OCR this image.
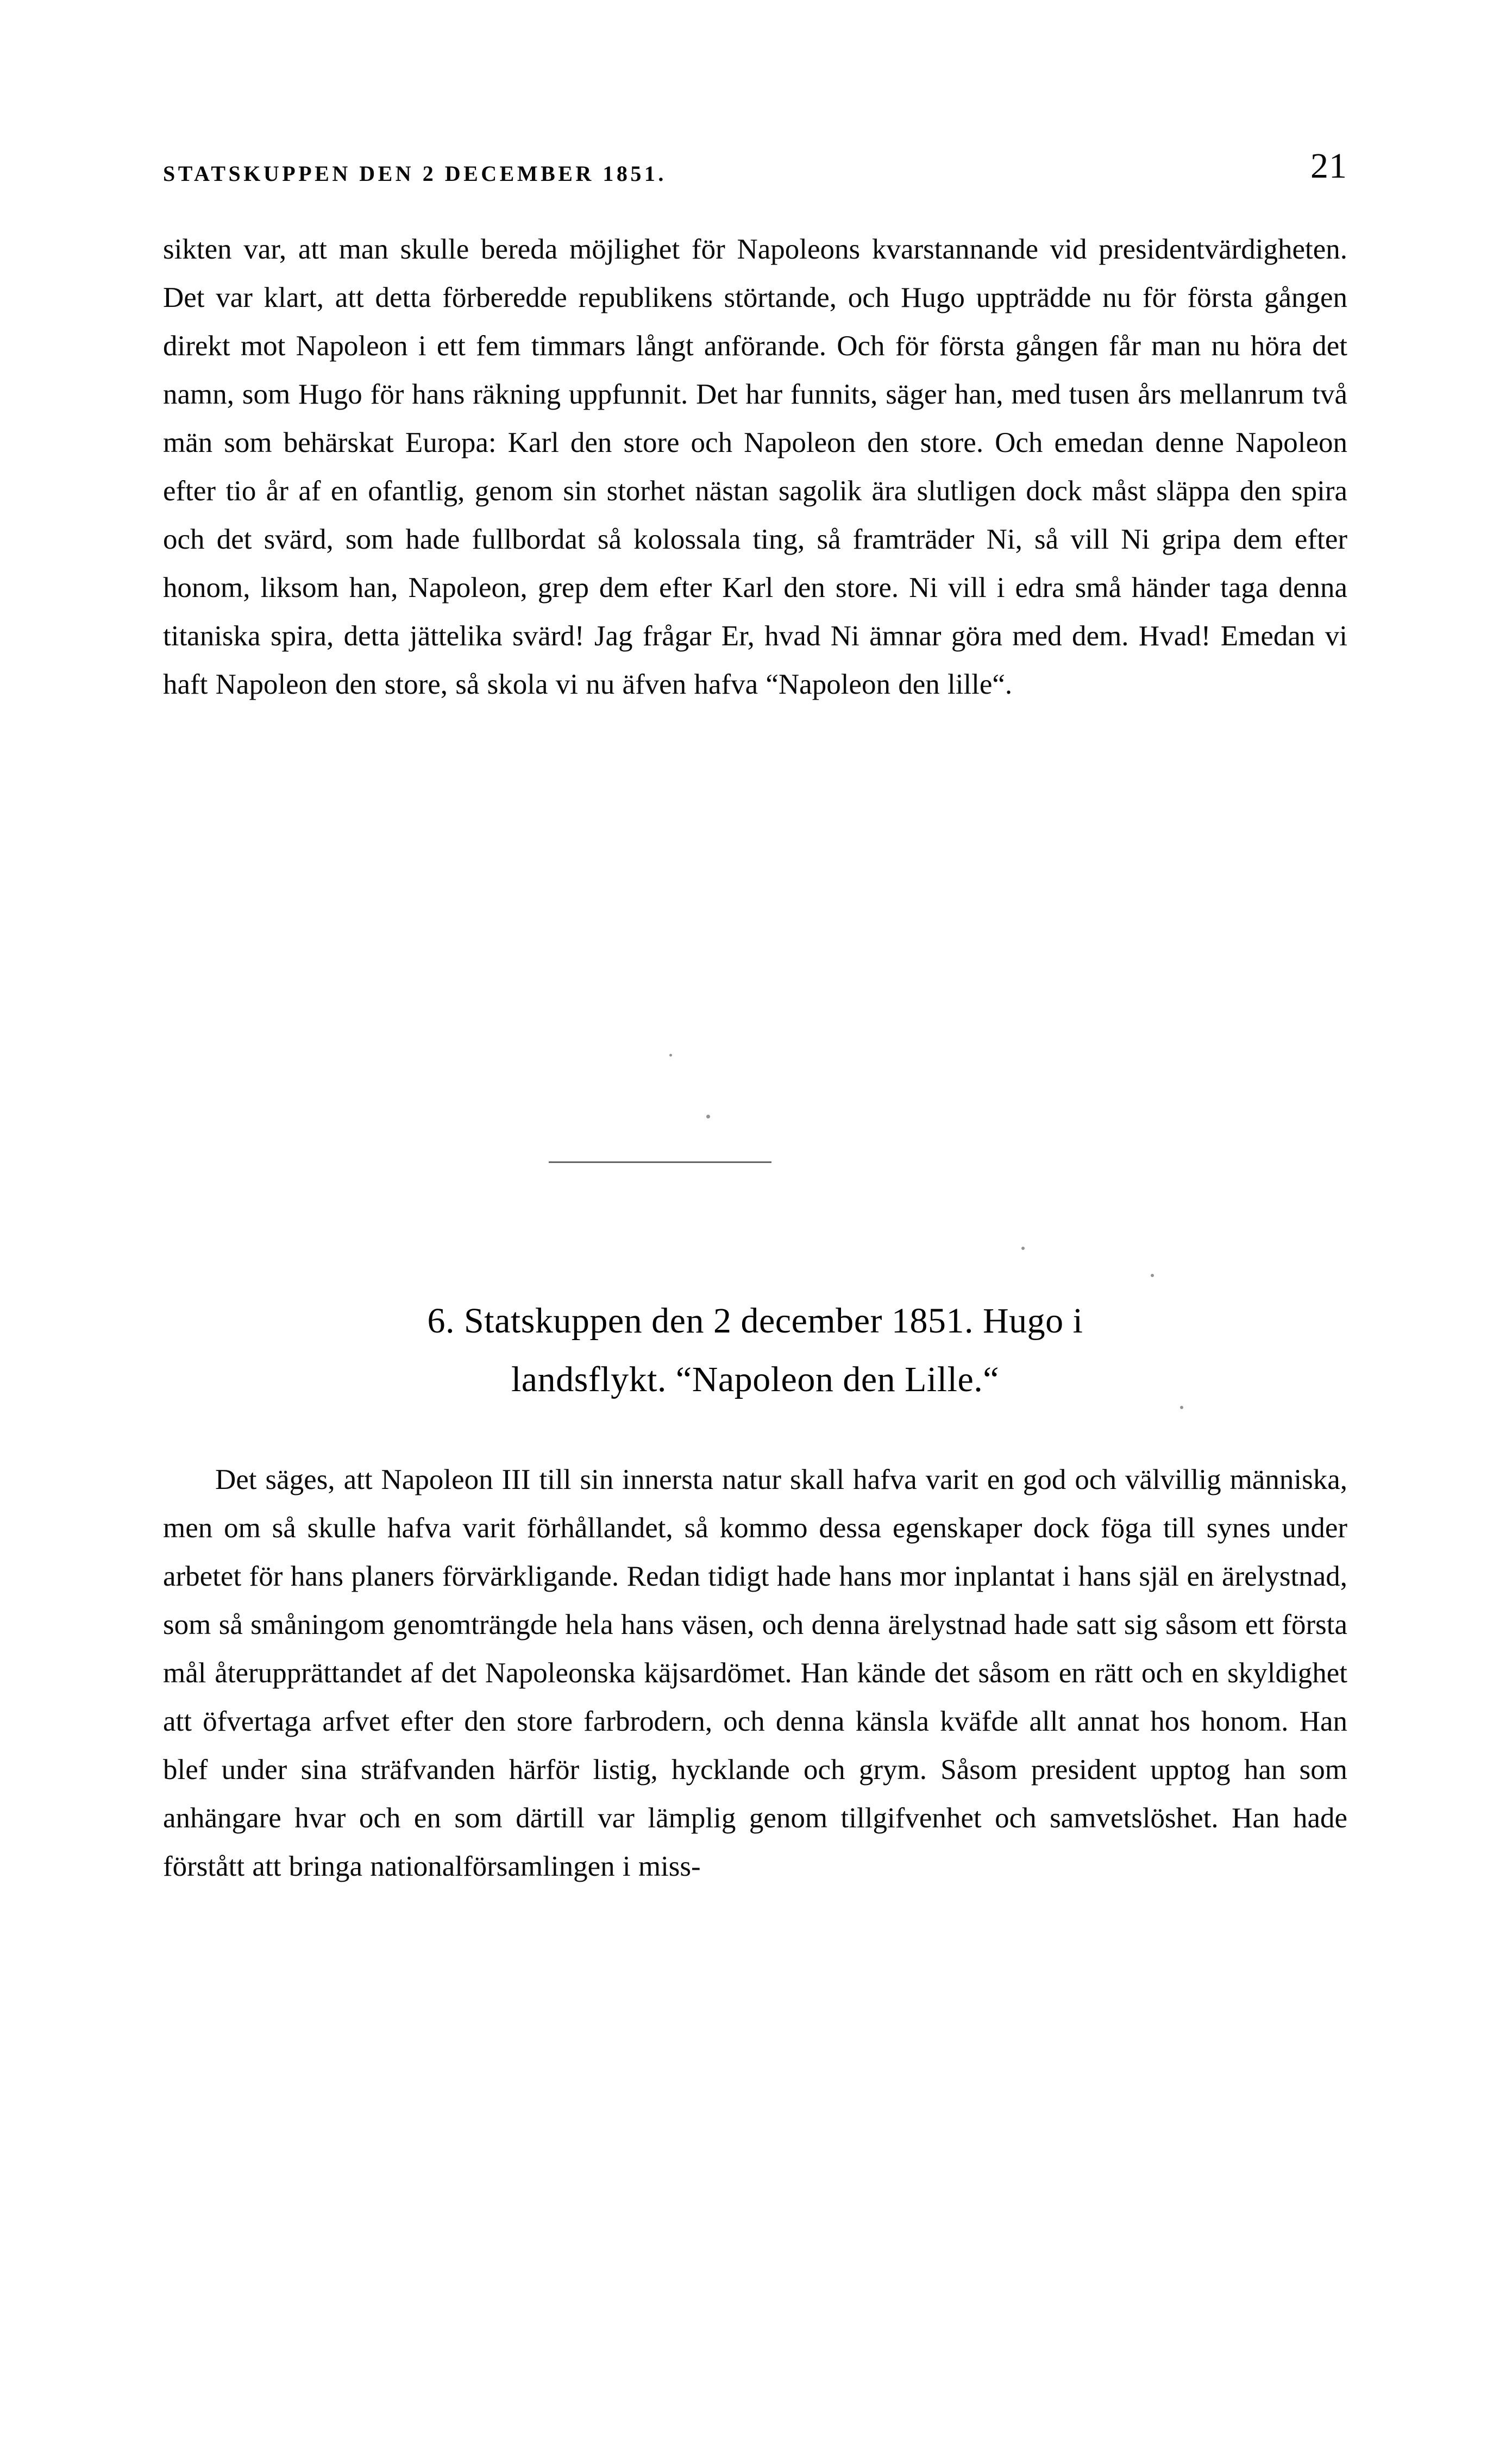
STATSKUPPEN DEN 2 DECEMBER 1851.	21

sikten var, att man skulle bereda möjlighet för Napoleons kvarstannande vid presidentvärdigheten. Det var klart, att detta förberedde republikens störtande, och Hugo uppträdde nu för första gången direkt mot Napoleon i ett fem timmars långt anförande. Och för första gången får man nu höra det namn, som Hugo för hans räkning uppfunnit. Det har funnits, säger han, med tusen års mellanrum två män som behärskat Europa: Karl den store och Napoleon den store. Och emedan denne Napoleon efter tio år af en ofantlig, genom sin storhet nästan sagolik ära slutligen dock måst släppa den spira och det svärd, som hade fullbordat så kolossala ting, så framträder Ni, så vill Ni gripa dem efter honom, liksom han, Napoleon, grep dem efter Karl den store. Ni vill i edra små händer taga denna titaniska spira, detta jättelika svärd! Jag frågar Er, hvad Ni ämnar göra med dem. Hvad! Emedan vi haft Napoleon den store, så skola vi nu äfven hafva “Napoleon den lille“.

6. Statskuppen den 2 december 1851. Hugo i
landsflykt. “Napoleon den Lille.“

Det säges, att Napoleon III till sin innersta natur skall hafva varit en god och välvillig människa, men om så skulle hafva varit förhållandet, så kommo dessa egenskaper dock föga till synes under arbetet för hans planers förvärkligande. Redan tidigt hade hans mor inplantat i hans själ en ärelystnad, som så småningom genomträngde hela hans väsen, och denna ärelystnad hade satt sig såsom ett första mål återupprättandet af det Napoleonska käjsardömet. Han kände det såsom en rätt och en skyldighet att öfvertaga arfvet efter den store farbrodern, och denna känsla kväfde allt annat hos honom. Han blef under sina sträfvanden härför listig, hycklande och grym. Såsom president upptog han som anhängare hvar och en som därtill var lämplig genom tillgifvenhet och samvetslöshet. Han hade förstått att bringa nationalförsamlingen i miss-
